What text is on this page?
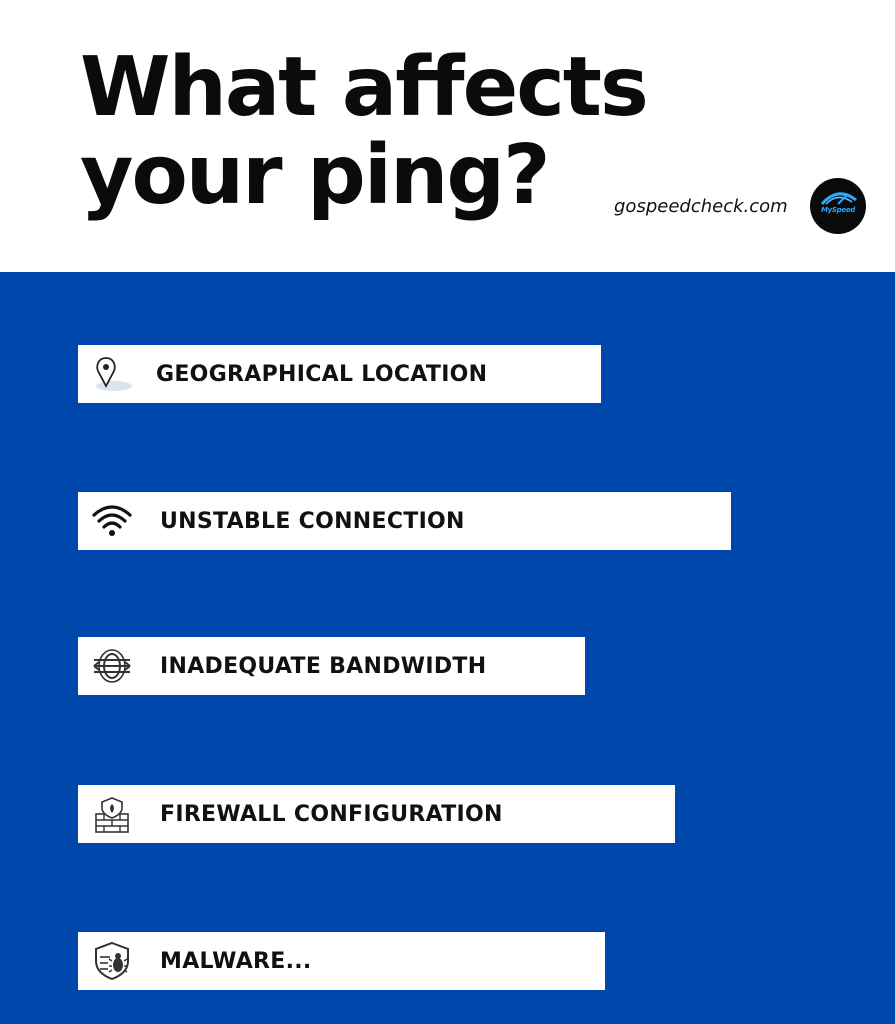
What affects
your ping?	gospeedcheck.com	MySpeed
GEOGRAPHICAL LOCATION
UNSTABLE CONNECTION
INADEQUATE BANDWIDTH
FIREWALL CONFIGURATION
MALWARE...
